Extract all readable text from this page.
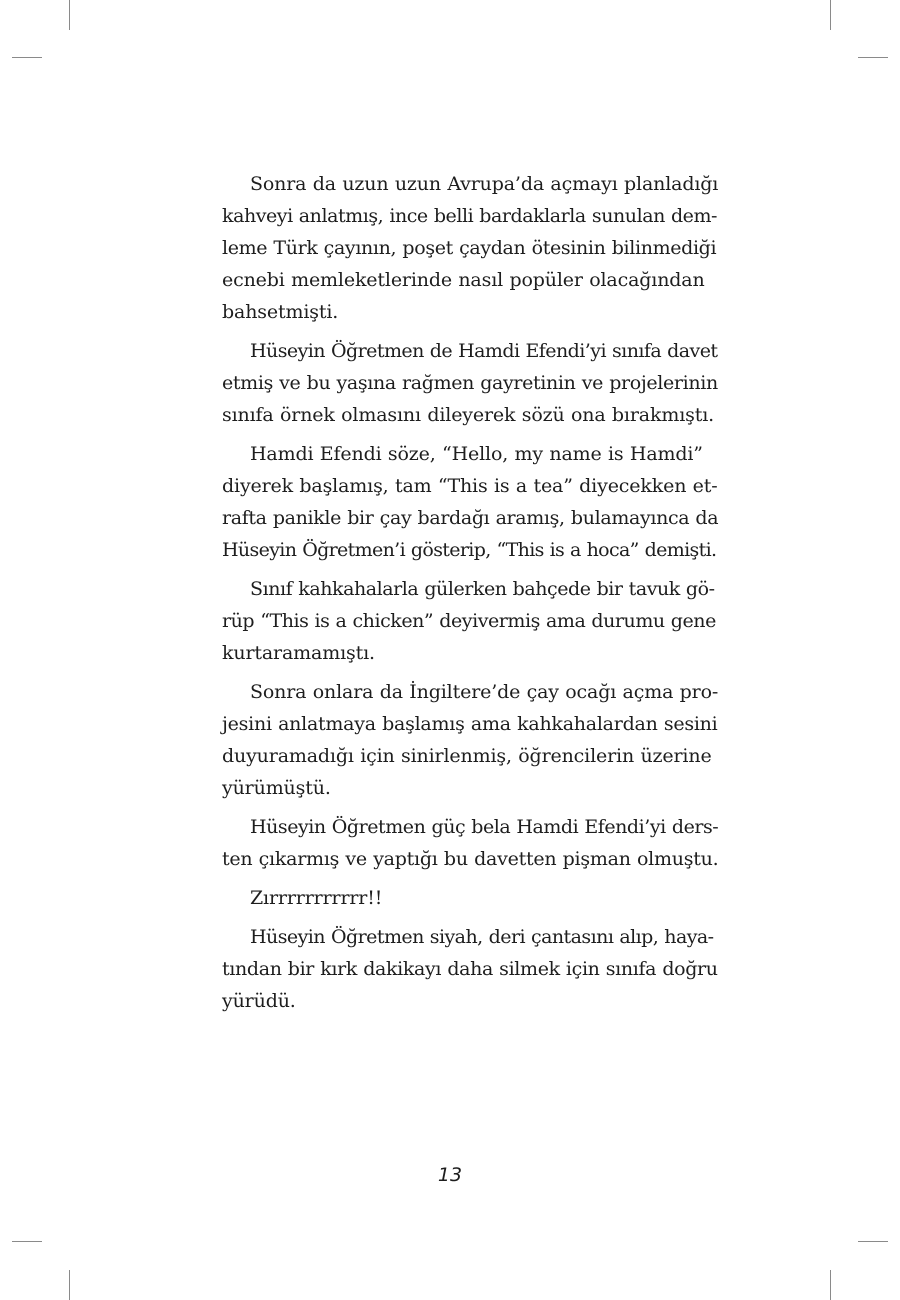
Sonra da uzun uzun Avrupa’da açmayı planladığı
kahveyi anlatmış, ince belli bardaklarla sunulan dem-
leme Türk çayının, poşet çaydan ötesinin bilinmediği
ecnebi memleketlerinde nasıl popüler olacağından
bahsetmişti.

Hüseyin Öğretmen de Hamdi Efendi’yi sınıfa davet
etmiş ve bu yaşına rağmen gayretinin ve projelerinin
sınıfa örnek olmasını dileyerek sözü ona bırakmıştı.

Hamdi Efendi söze, “Hello, my name is Hamdi”
diyerek başlamış, tam “This is a tea” diyecekken et-
rafta panikle bir çay bardağı aramış, bulamayınca da
Hüseyin Öğretmen’i gösterip, “This is a hoca” demişti.

Sınıf kahkahalarla gülerken bahçede bir tavuk gö-
rüp “This is a chicken” deyivermiş ama durumu gene
kurtaramamıştı.

Sonra onlara da İngiltere’de çay ocağı açma pro-
jesini anlatmaya başlamış ama kahkahalardan sesini
duyuramadığı için sinirlenmiş, öğrencilerin üzerine
yürümüştü.

Hüseyin Öğretmen güç bela Hamdi Efendi’yi ders-
ten çıkarmış ve yaptığı bu davetten pişman olmuştu.

Zırrrrrrrrrrr!!

Hüseyin Öğretmen siyah, deri çantasını alıp, haya-
tından bir kırk dakikayı daha silmek için sınıfa doğru
yürüdü.

13
